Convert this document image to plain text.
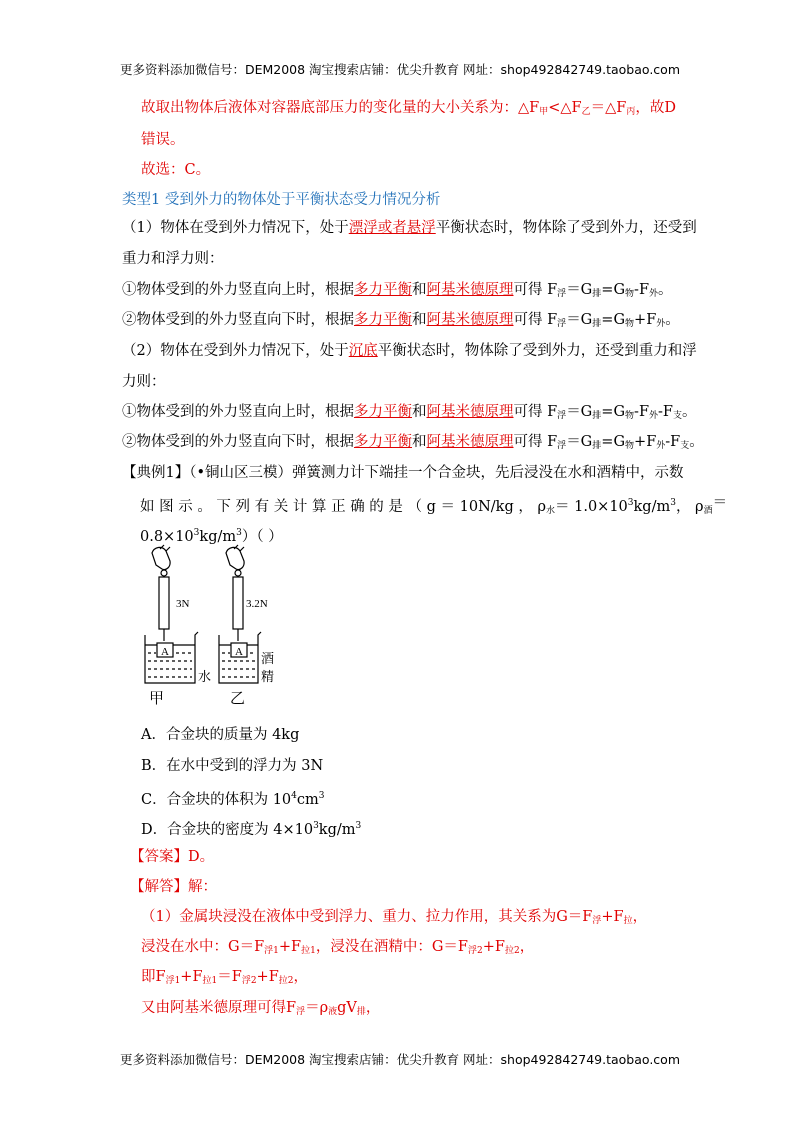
更多资料添加微信号：DEM2008 淘宝搜索店铺：优尖升教育 网址：shop492842749.taobao.com
故取出物体后液体对容器底部压力的变化量的大小关系为：$\triangle F_甲<\triangle F_乙=\triangle F_丙$，故D
错误。
故选：C。
类型1 受到外力的物体处于平衡状态受力情况分析
（1）物体在受到外力情况下，处于漂浮或者悬浮平衡状态时，物体除了受到外力，还受到
重力和浮力则：
①物体受到的外力竖直向上时，根据多力平衡和阿基米德原理可得 $F_浮=G_排=G_物-F_外$。
②物体受到的外力竖直向下时，根据多力平衡和阿基米德原理可得 $F_浮=G_排=G_物+F_外$。
（2）物体在受到外力情况下，处于沉底平衡状态时，物体除了受到外力，还受到重力和浮
力则：
①物体受到的外力竖直向上时，根据多力平衡和阿基米德原理可得 $F_浮=G_排=G_物-F_外-F_支$。
②物体受到的外力竖直向下时，根据多力平衡和阿基米德原理可得 $F_浮=G_排=G_物+F_外-F_支$。
【典例1】（•铜山区三模）弹簧测力计下端挂一个合金块，先后浸没在水和酒精中，示数
如 图 示 。 下 列 有 关 计 算 正 确 的 是 （ g ＝ 10N/kg ， $\rho_水= 1.0\times 10^3kg/m^3$， $\rho_酒$ ＝
$0.8\times 10^3kg/m^3$）（ ）
3N
A
水
甲
3.2N
A 酒
精
乙
A．合金块的质量为 4kg
B．在水中受到的浮力为 3N
C．合金块的体积为 $10^4cm^3$
D．合金块的密度为 $4\times 10^3kg/m^3$
【答案】D。
【解答】解：
（1）金属块浸没在液体中受到浮力、重力、拉力作用，其关系为$G=F_浮+F_拉$，
浸没在水中：$G=F_{浮1}+F_{拉1}$，浸没在酒精中：$G=F_{浮2}+F_{拉2}$，
即$F_{浮1}+F_{拉1}=F_{浮2}+F_{拉2}$，
又由阿基米德原理可得$F_浮=\rho_液gV_排$，
更多资料添加微信号：DEM2008 淘宝搜索店铺：优尖升教育 网址：shop492842749.taobao.com
